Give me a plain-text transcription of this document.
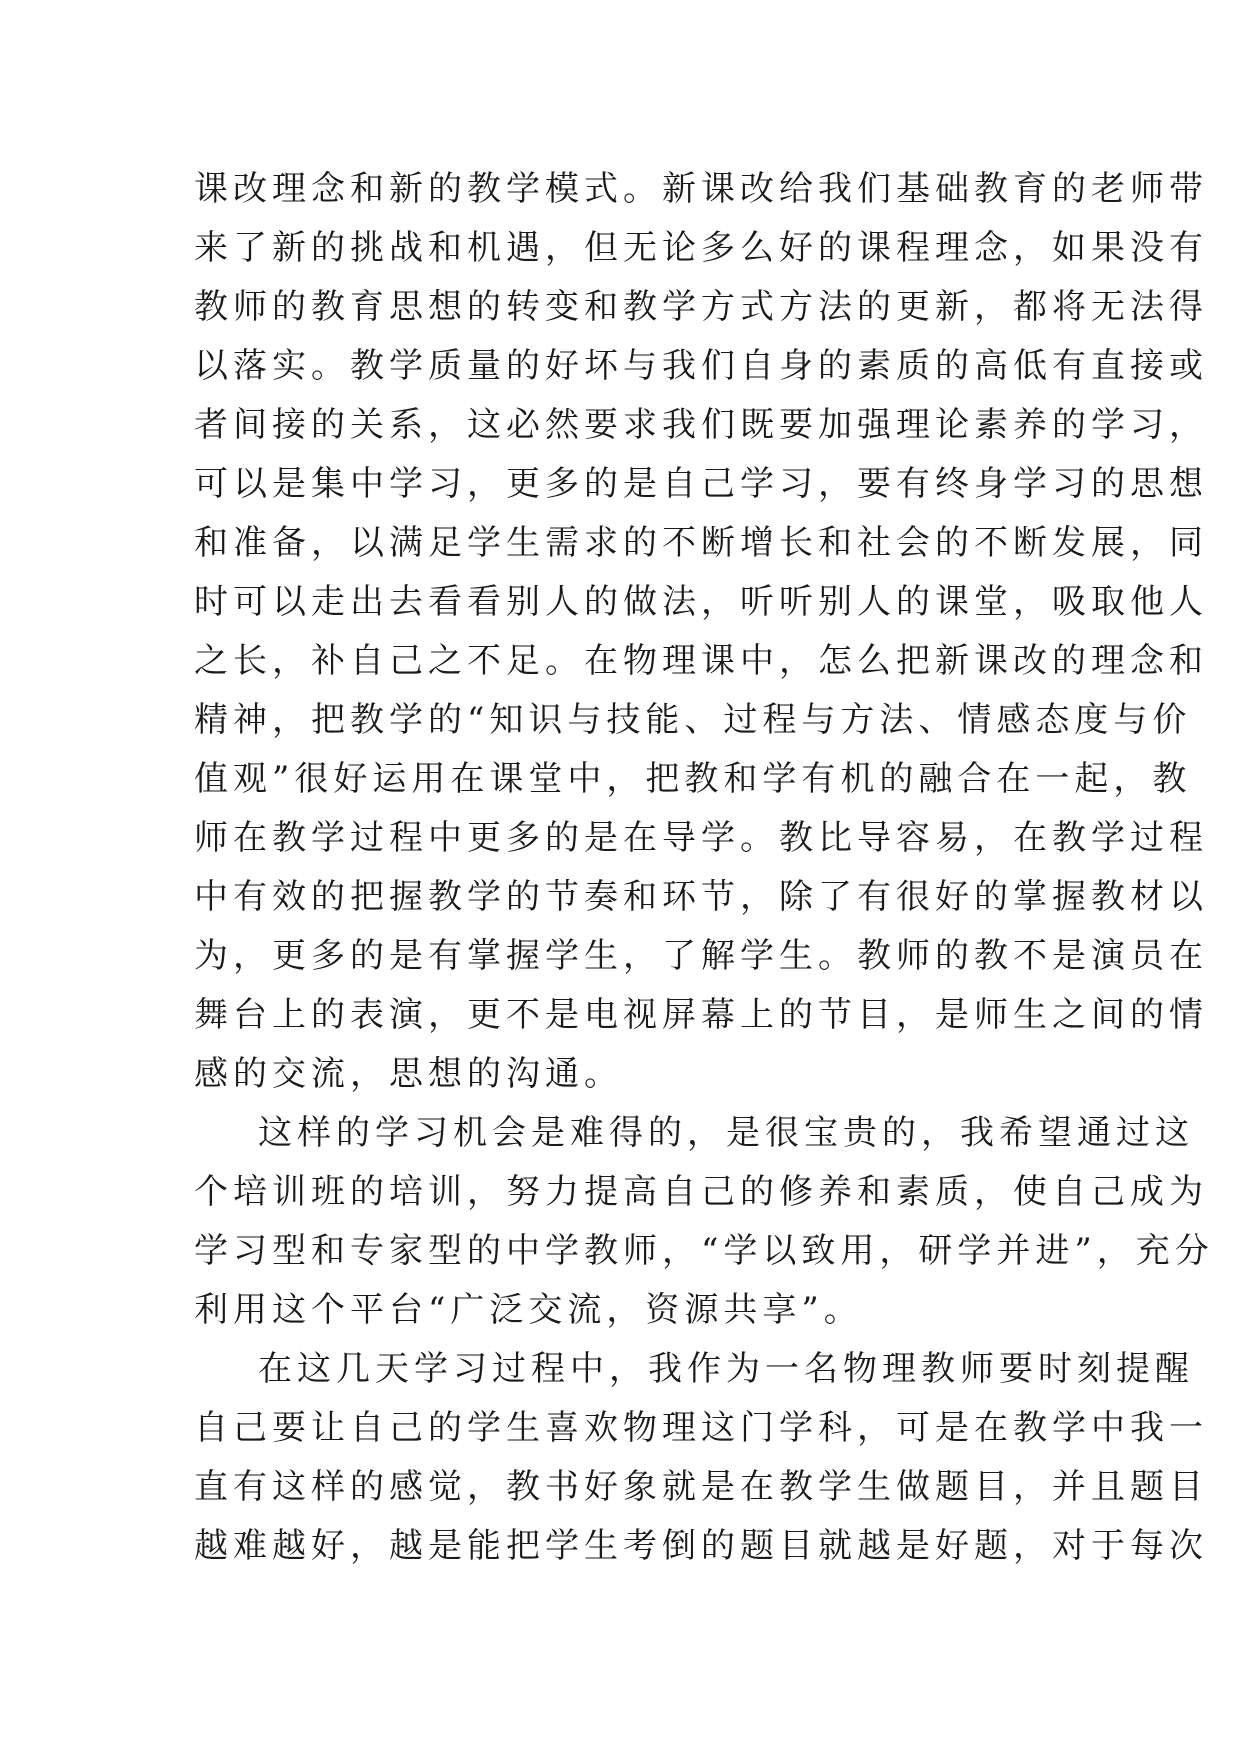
课改理念和新的教学模式。新课改给我们基础教育的老师带
来了新的挑战和机遇，但无论多么好的课程理念，如果没有
教师的教育思想的转变和教学方式方法的更新，都将无法得
以落实。教学质量的好坏与我们自身的素质的高低有直接或
者间接的关系，这必然要求我们既要加强理论素养的学习，
可以是集中学习，更多的是自己学习，要有终身学习的思想
和准备，以满足学生需求的不断增长和社会的不断发展，同
时可以走出去看看别人的做法，听听别人的课堂，吸取他人
之长，补自己之不足。在物理课中，怎么把新课改的理念和
精神，把教学的“知识与技能、过程与方法、情感态度与价
值观”很好运用在课堂中，把教和学有机的融合在一起，教
师在教学过程中更多的是在导学。教比导容易，在教学过程
中有效的把握教学的节奏和环节，除了有很好的掌握教材以
为，更多的是有掌握学生，了解学生。教师的教不是演员在
舞台上的表演，更不是电视屏幕上的节目，是师生之间的情
感的交流，思想的沟通。
这样的学习机会是难得的，是很宝贵的，我希望通过这
个培训班的培训，努力提高自己的修养和素质，使自己成为
学习型和专家型的中学教师，“学以致用，研学并进”，充分
利用这个平台“广泛交流，资源共享”。
在这几天学习过程中，我作为一名物理教师要时刻提醒
自己要让自己的学生喜欢物理这门学科，可是在教学中我一
直有这样的感觉，教书好象就是在教学生做题目，并且题目
越难越好，越是能把学生考倒的题目就越是好题，对于每次
